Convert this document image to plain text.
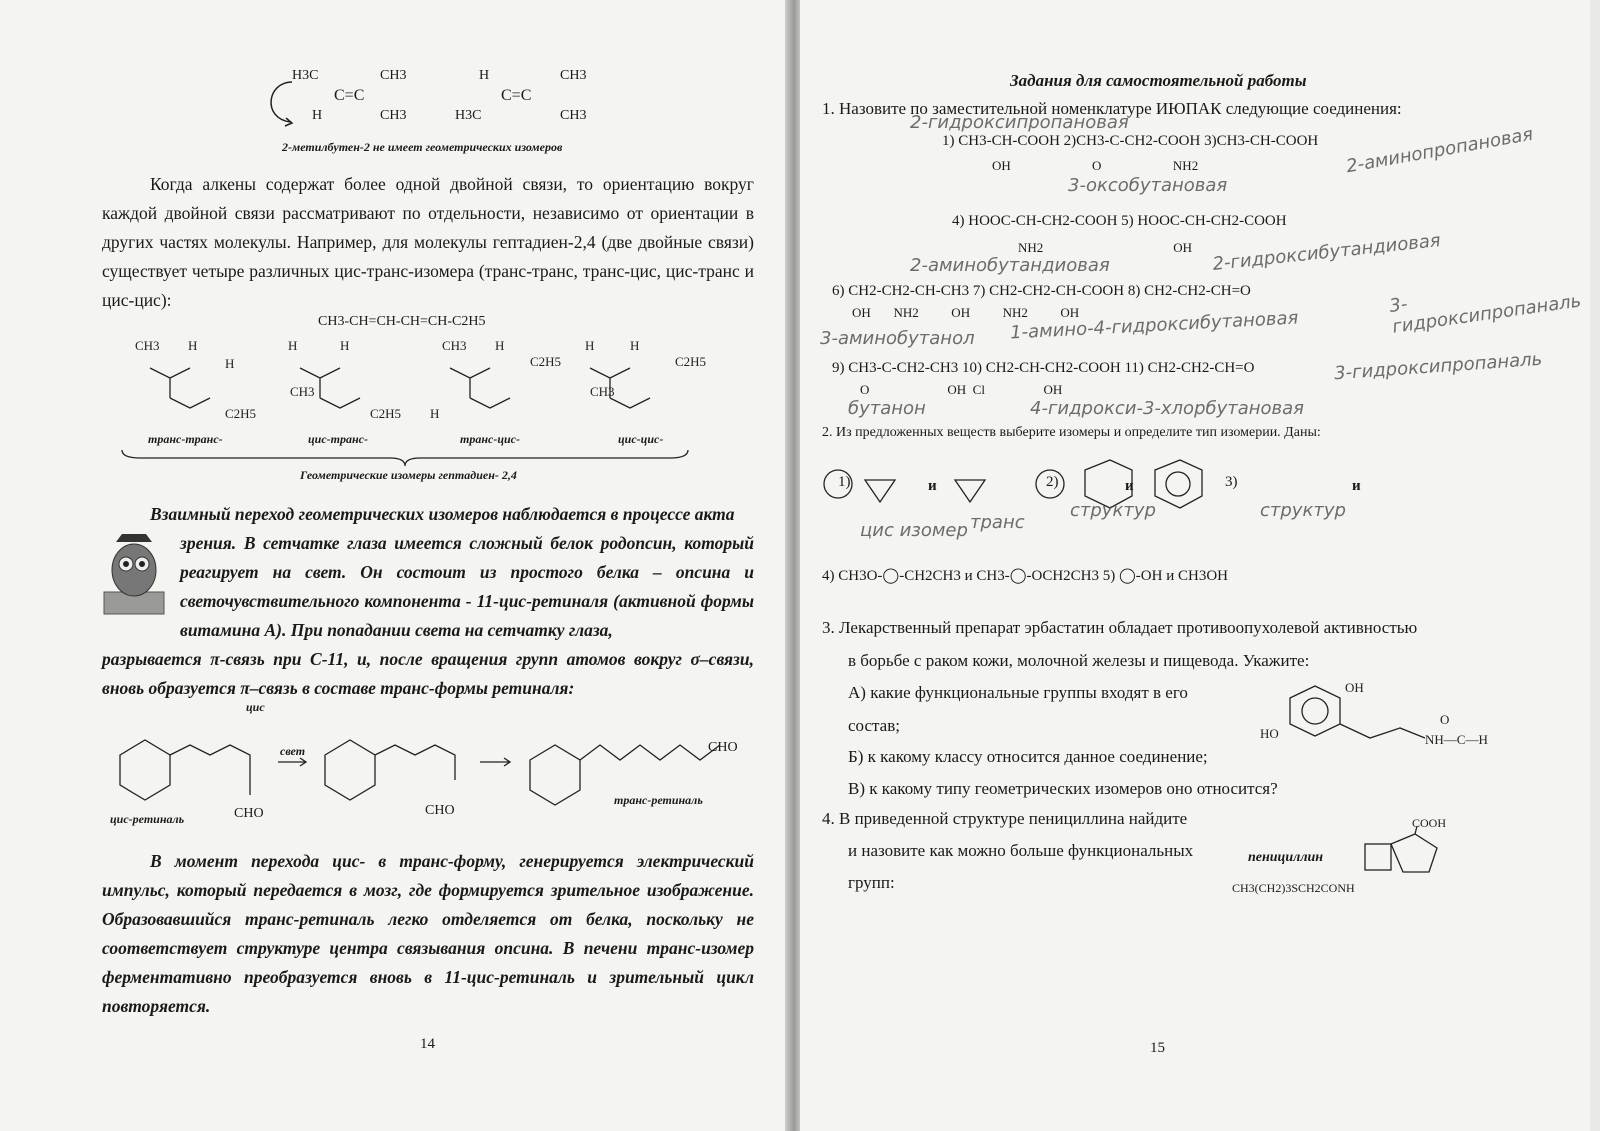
H3C	CH3
C=C
H	CH3
H	CH3
C=C
H3C	CH3
2-метилбутен-2 не имеет геометрических изомеров
Когда алкены содержат более одной двойной связи, то ориентацию вокруг каждой двойной связи рассматривают по отдельности, независимо от ориентации в других частях молекулы. Например, для молекулы гептадиен-2,4 (две двойные связи) существует четыре различных цис-транс-изомера (транс-транс, транс-цис, цис-транс и цис-цис):
CH3-CH=CH-CH=CH-C2H5
CH3 H
H
C2H5
H	H
CH3
C2H5
CH3 H
C2H5
H
H	H
CH3
C2H5
транс-транс-	цис-транс-	транс-цис-	цис-цис-
Геометрические изомеры гептадиен- 2,4
Взаимный переход геометрических изомеров наблюдается в процессе акта
зрения. В сетчатке глаза имеется сложный белок родопсин, который реагирует на свет. Он состоит из простого белка – опсина и светочувствительного компонента - 11-цис-ретиналя (активной формы витамина А). При попадании света на сетчатку глаза,
разрывается π-связь при С-11, и, после вращения групп атомов вокруг σ–связи, вновь образуется π–связь в составе транс-формы ретиналя:
цис
свет
CHO	CHO
CHO
цис-ретиналь
транс-ретиналь
В момент перехода цис- в транс-форму, генерируется электрический импульс, который передается в мозг, где формируется зрительное изображение. Образовавшийся транс-ретиналь легко отделяется от белка, поскольку не соответствует структуре центра связывания опсина. В печени транс-изомер ферментативно преобразуется вновь в 11-цис-ретиналь и зрительный цикл повторяется.
14
Задания для самостоятельной работы
1. Назовите по заместительной номенклатуре ИЮПАК следующие соединения:
1) CH3-CH-COOH 2)CH3-C-CH2-COOH 3)CH3-CH-COOH
OH                         O                      NH2
4) HOOC-CH-CH2-COOH 5) HOOC-CH-CH2-COOH
NH2                                        OH
6) CH2-CH2-CH-CH3 7) CH2-CH2-CH-COOH 8) CH2-CH2-CH=O
OH       NH2          OH          NH2          OH
9) CH3-C-CH2-CH3 10) CH2-CH-CH2-COOH 11) CH2-CH2-CH=O
O                        OH  Cl                  OH
2-гидроксипропановая
2-аминопропановая
3-оксобутановая
2-аминобутандиовая	2-гидроксибутандиовая
3-гидроксипропаналь
3-аминобутанол 1-амино-4-гидроксибутановая
3-гидроксипропаналь
бутанон	4-гидрокси-3-хлорбутановая
2. Из предложенных веществ выберите изомеры и определите тип изомерии. Даны:
1)	и	2)	и	3)	и
цис изомер транс
структур	структур
4) CH3O-◯-CH2CH3 и CH3-◯-OCH2CH3 5) ◯-OH и CH3OH
3. Лекарственный препарат эрбастатин обладает противоопухолевой активностью
в борьбе с раком кожи, молочной железы и пищевода. Укажите:
А) какие функциональные группы входят в его
состав;
Б) к какому классу относится данное соединение;
В) к какому типу геометрических изомеров оно относится?
OH
HO	NH—C—H
O
4. В приведенной структуре пенициллина найдите
и назовите как можно больше функциональных
групп:
пенициллин
COOH
CH3(CH2)3SCH2CONH
15
